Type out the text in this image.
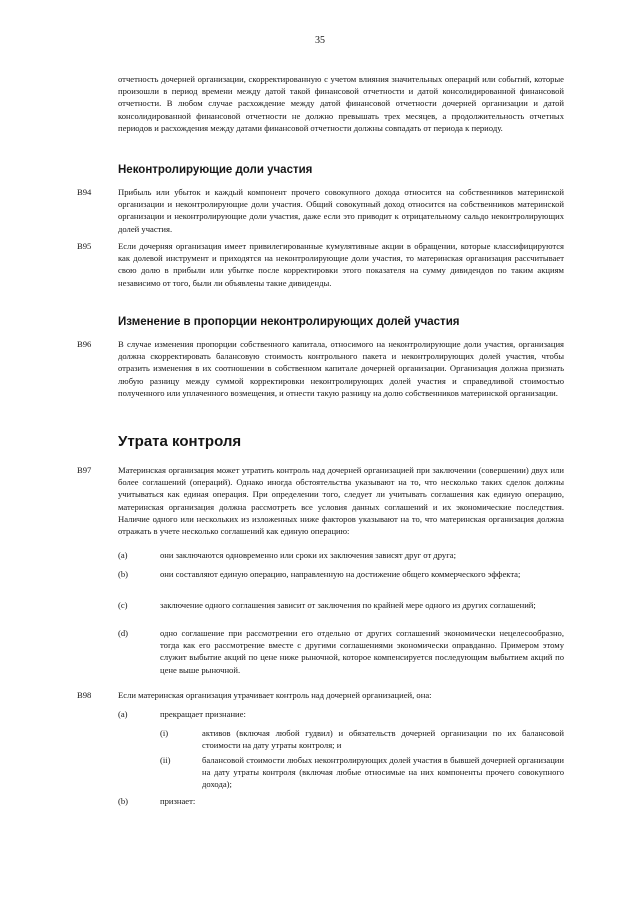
35

отчетность дочерней организации, скорректированную с учетом влияния значительных операций или событий, которые произошли в период времени между датой такой финансовой отчетности и датой консолидированной финансовой отчетности. В любом случае расхождение между датой финансовой отчетности дочерней организации и датой консолидированной финансовой отчетности не должно превышать трех месяцев, а продолжительность отчетных периодов и расхождения между датами финансовой отчетности должны совпадать от периода к периоду.

Неконтролирующие доли участия
B94	Прибыль или убыток и каждый компонент прочего совокупного дохода относится на собственников материнской организации и неконтролирующие доли участия. Общий совокупный доход относится на собственников материнской организации и неконтролирующие доли участия, даже если это приводит к отрицательному сальдо неконтролирующих долей участия.

B95	Если дочерняя организация имеет привилегированные кумулятивные акции в обращении, которые классифицируются как долевой инструмент и приходятся на неконтролирующие доли участия, то материнская организация рассчитывает свою долю в прибыли или убытке после корректировки этого показателя на сумму дивидендов по таким акциям независимо от того, были ли объявлены такие дивиденды.

Изменение в пропорции неконтролирующих долей участия
B96	В случае изменения пропорции собственного капитала, относимого на неконтролирующие доли участия, организация должна скорректировать балансовую стоимость контрольного пакета и неконтролирующих долей участия, чтобы отразить изменения в их соотношении в собственном капитале дочерней организации. Организация должна признать любую разницу между суммой корректировки неконтролирующих долей участия и справедливой стоимостью полученного или уплаченного возмещения, и отнести такую разницу на долю собственников материнской организации.

Утрата контроля
B97	Материнская организация может утратить контроль над дочерней организацией при заключении (совершении) двух или более соглашений (операций). Однако иногда обстоятельства указывают на то, что несколько таких сделок должны учитываться как единая операция. При определении того, следует ли учитывать соглашения как единую операцию, материнская организация должна рассмотреть все условия данных соглашений и их экономические последствия. Наличие одного или нескольких из изложенных ниже факторов указывают на то, что материнская организация должна отражать в учете несколько соглашений как единую операцию:

(a)	они заключаются одновременно или сроки их заключения зависят друг от друга;

(b)	они составляют единую операцию, направленную на достижение общего коммерческого эффекта;

(c)	заключение одного соглашения зависит от заключения по крайней мере одного из других соглашений;

(d)	одно соглашение при рассмотрении его отдельно от других соглашений экономически нецелесообразно, тогда как его рассмотрение вместе с другими соглашениями экономически оправданно. Примером этому служит выбытие акций по цене ниже рыночной, которое компенсируется последующим выбытием акций по цене выше рыночной.

B98	Если материнская организация утрачивает контроль над дочерней организацией, она:

(a)	прекращает признание:

(i)	активов (включая любой гудвил) и обязательств дочерней организации по их балансовой стоимости на дату утраты контроля; и

(ii)	балансовой стоимости любых неконтролирующих долей участия в бывшей дочерней организации на дату утраты контроля (включая любые относимые на них компоненты прочего совокупного дохода);

(b)	признает:
